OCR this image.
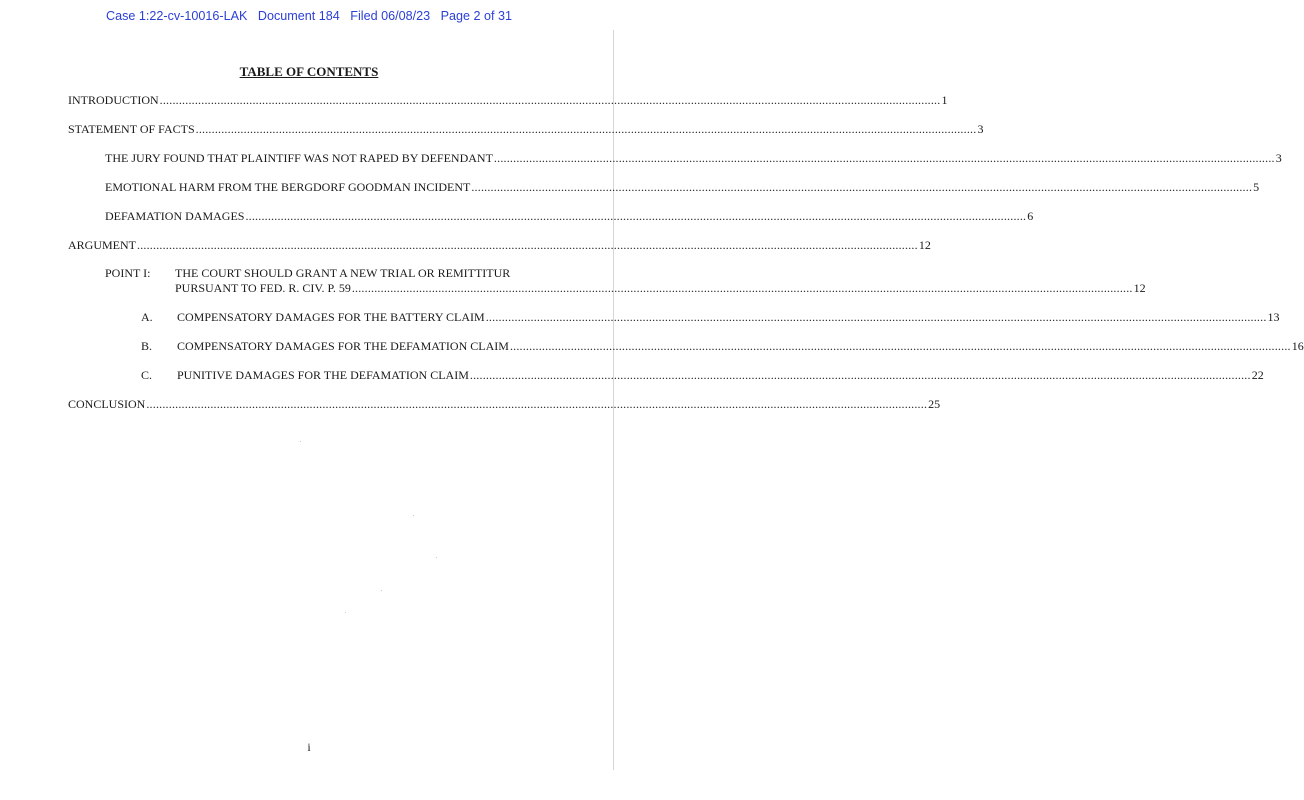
Case 1:22-cv-10016-LAK   Document 184   Filed 06/08/23   Page 2 of 31
TABLE OF CONTENTS
INTRODUCTION .....	1
STATEMENT OF FACTS .....	3
THE JURY FOUND THAT PLAINTIFF WAS NOT RAPED BY DEFENDANT .....	3
EMOTIONAL HARM FROM THE BERGDORF GOODMAN INCIDENT .....	5
DEFAMATION DAMAGES .....	6
ARGUMENT .....	12
POINT I:	THE COURT SHOULD GRANT A NEW TRIAL OR REMITTITUR
PURSUANT TO FED. R. CIV. P. 59 .....	12
A.	COMPENSATORY DAMAGES FOR THE BATTERY CLAIM .....	13
B.	COMPENSATORY DAMAGES FOR THE DEFAMATION CLAIM .....	16
C.	PUNITIVE DAMAGES FOR THE DEFAMATION CLAIM .....	22
CONCLUSION .....	25
i
